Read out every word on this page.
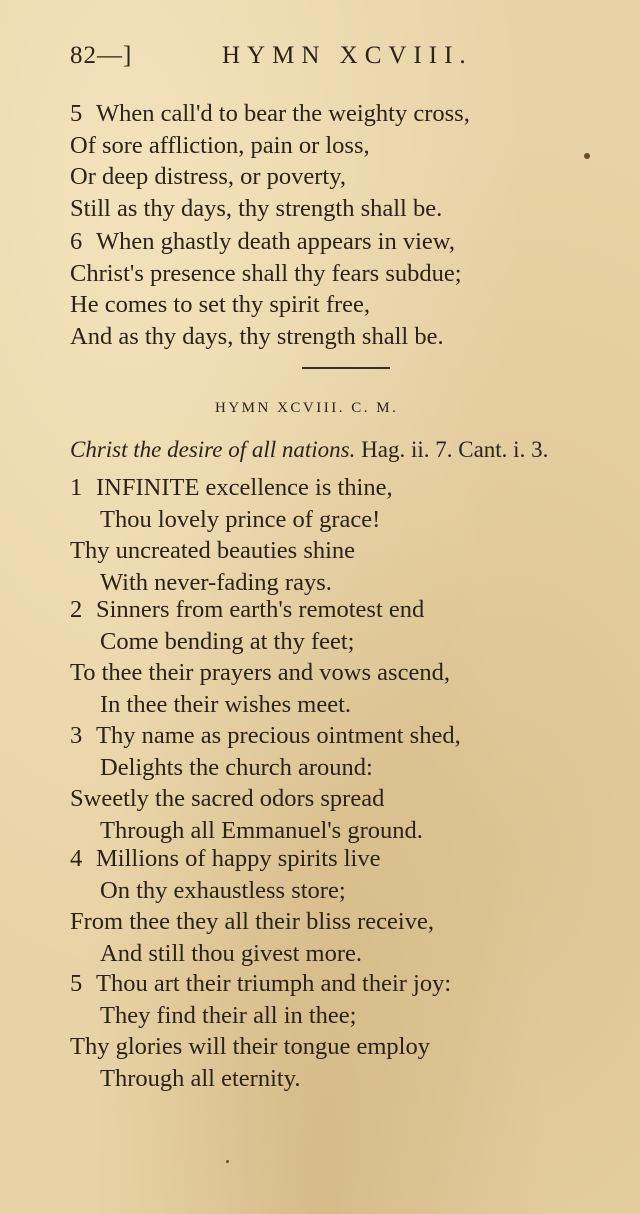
82—]	HYMN XCVIII.
5 When call'd to bear the weighty cross,
Of sore affliction, pain or loss,
Or deep distress, or poverty,
Still as thy days, thy strength shall be.
6 When ghastly death appears in view,
Christ's presence shall thy fears subdue;
He comes to set thy spirit free,
And as thy days, thy strength shall be.
HYMN XCVIII. C. M.
Christ the desire of all nations. Hag. ii. 7. Cant. i. 3.
1 INFINITE excellence is thine,
Thou lovely prince of grace!
Thy uncreated beauties shine
With never-fading rays.
2 Sinners from earth's remotest end
Come bending at thy feet;
To thee their prayers and vows ascend,
In thee their wishes meet.
3 Thy name as precious ointment shed,
Delights the church around:
Sweetly the sacred odors spread
Through all Emmanuel's ground.
4 Millions of happy spirits live
On thy exhaustless store;
From thee they all their bliss receive,
And still thou givest more.
5 Thou art their triumph and their joy:
They find their all in thee;
Thy glories will their tongue employ
Through all eternity.
